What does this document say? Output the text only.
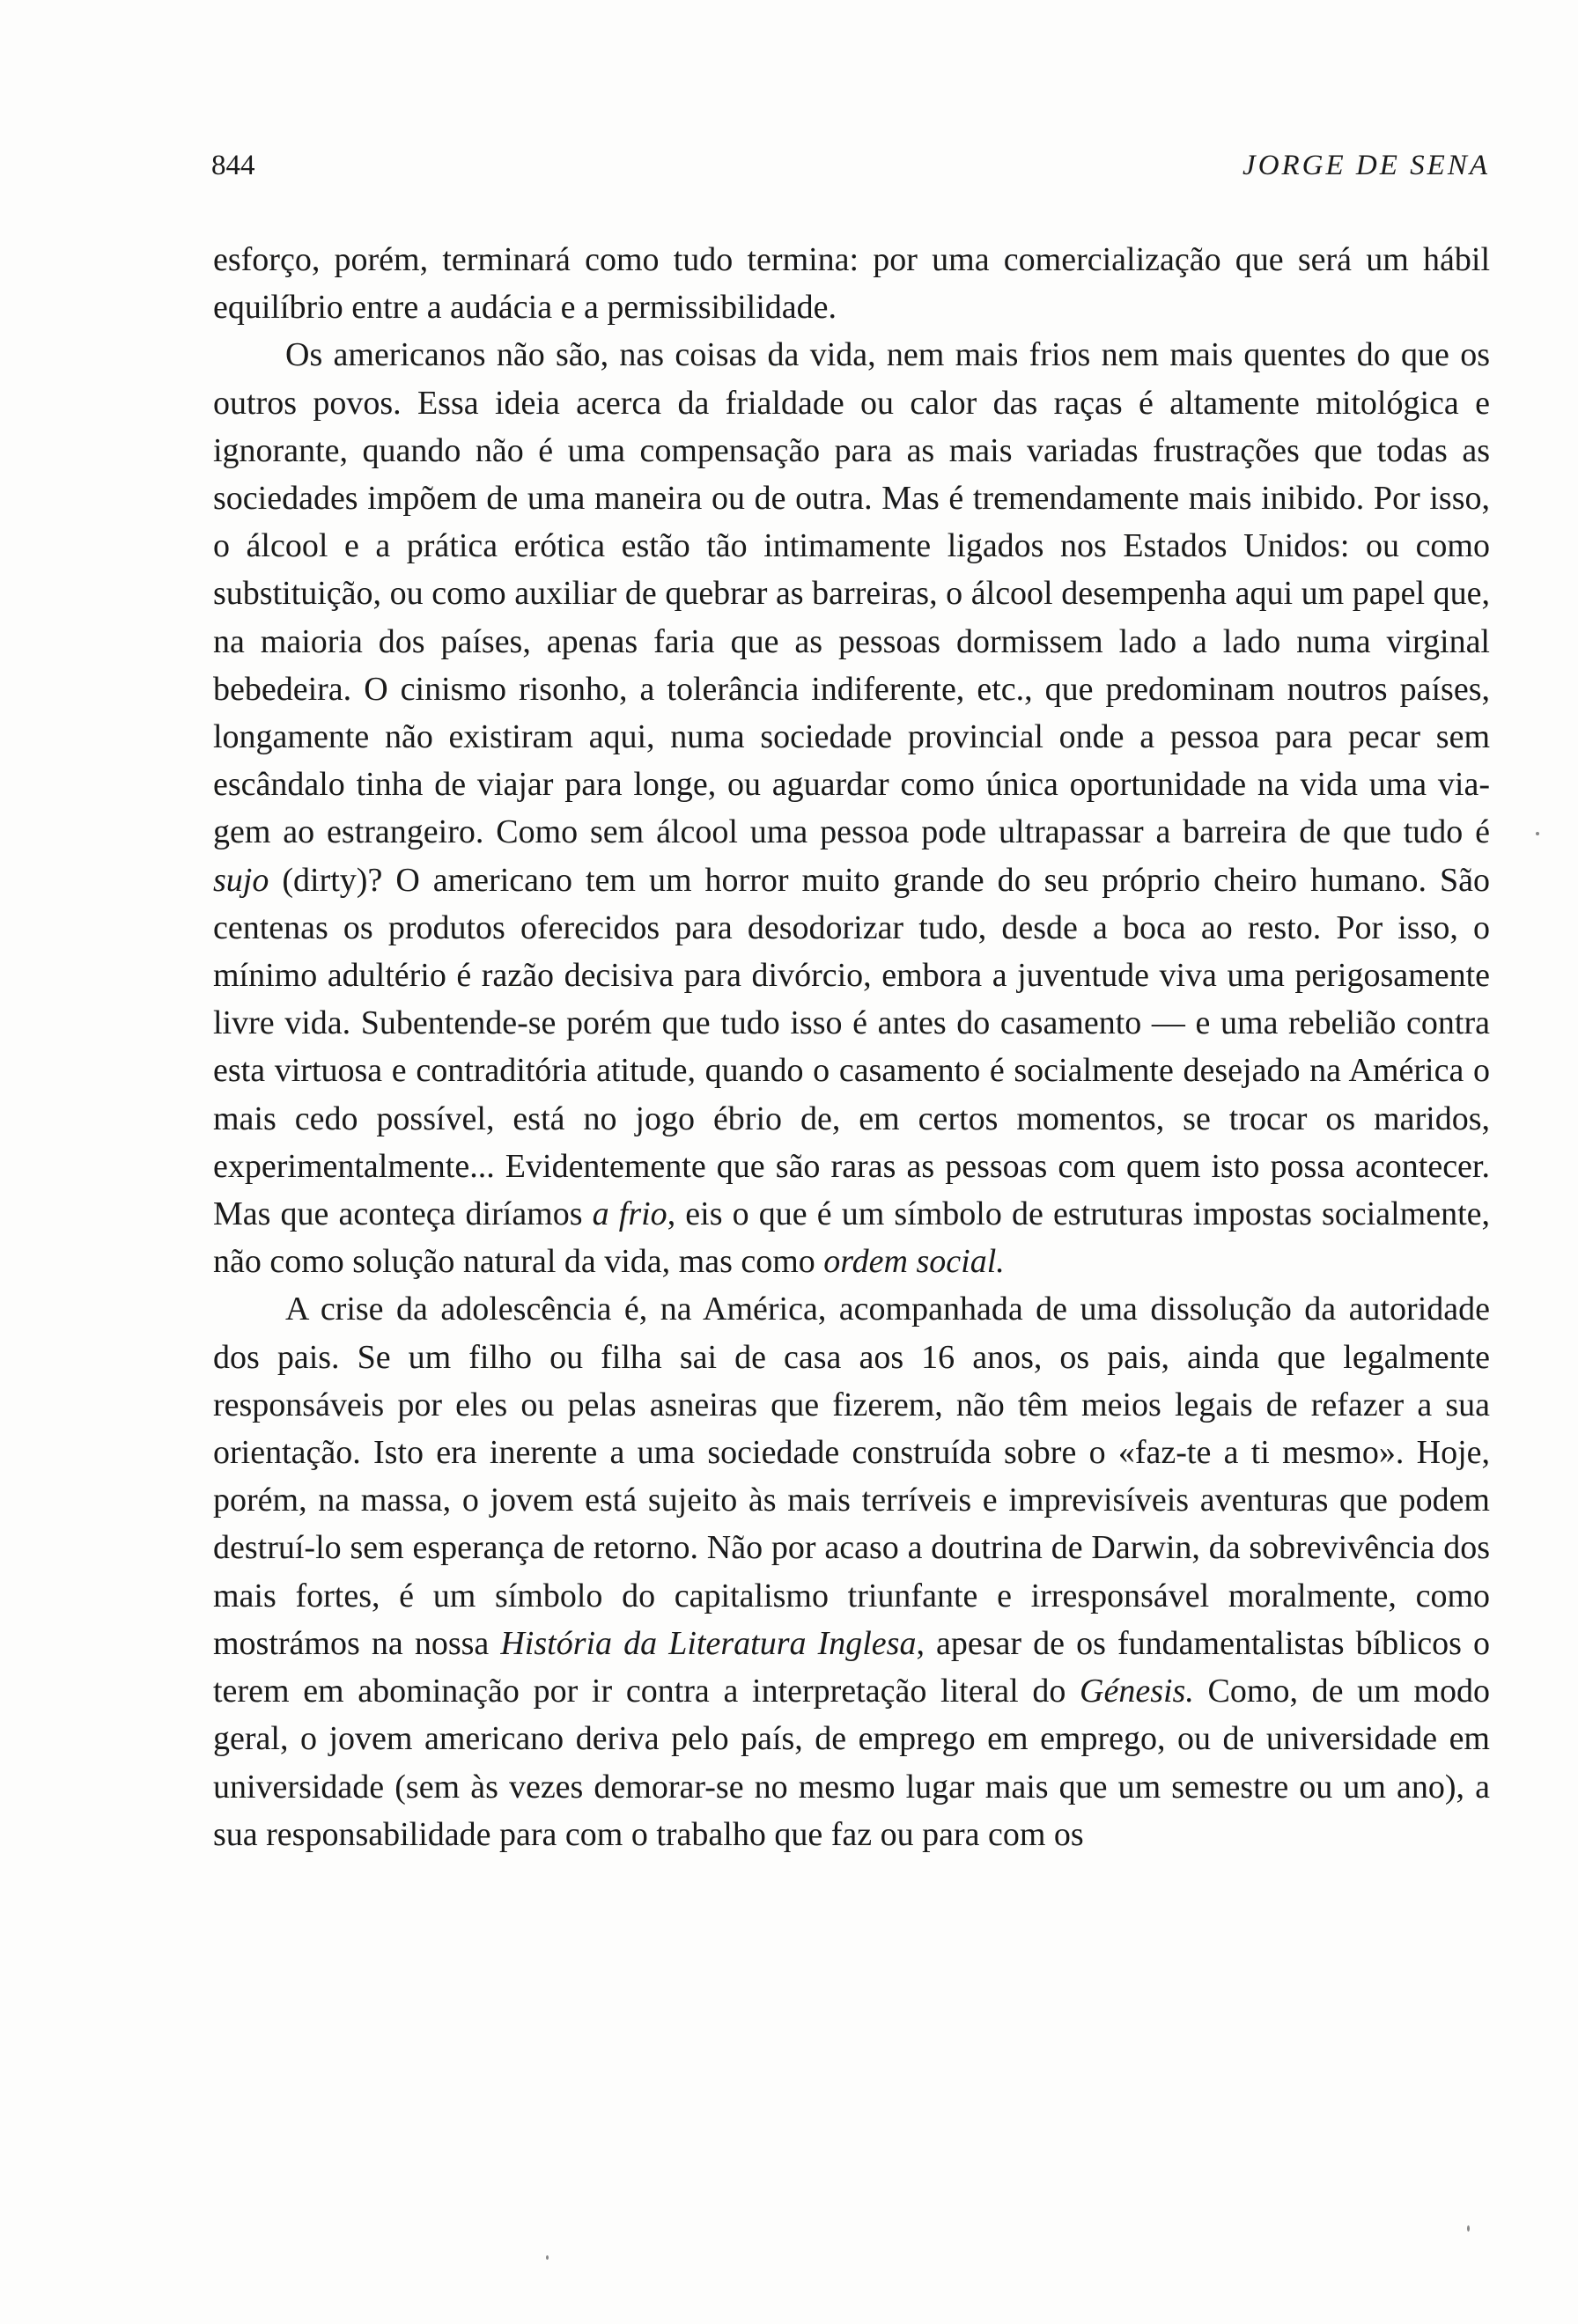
844	JORGE DE SENA

esforço, porém, terminará como tudo termina: por uma comercialização que será um hábil equilíbrio entre a audácia e a permissibilidade.

Os americanos não são, nas coisas da vida, nem mais frios nem mais quentes do que os outros povos. Essa ideia acerca da frialdade ou calor das raças é altamente mitológica e ignorante, quando não é uma compensação para as mais variadas frustrações que todas as sociedades impõem de uma maneira ou de outra. Mas é tremendamente mais inibido. Por isso, o álcool e a prática erótica estão tão intimamente ligados nos Estados Unidos: ou como substituição, ou como auxiliar de quebrar as barreiras, o álcool desempenha aqui um papel que, na maioria dos países, apenas faria que as pessoas dormissem lado a lado numa virginal bebedeira. O cinismo risonho, a tolerância indiferente, etc., que predominam noutros países, longamente não existiram aqui, numa sociedade provincial onde a pessoa para pecar sem escândalo tinha de viajar para longe, ou aguardar como única oportunidade na vida uma viagem ao estrangeiro. Como sem álcool uma pessoa pode ultrapassar a barreira de que tudo é sujo (dirty)? O americano tem um horror muito grande do seu próprio cheiro humano. São centenas os produtos oferecidos para desodorizar tudo, desde a boca ao resto. Por isso, o mínimo adultério é razão decisiva para divórcio, embora a juventude viva uma perigosamente livre vida. Subentende-se porém que tudo isso é antes do casamento — e uma rebelião contra esta virtuosa e contraditória atitude, quando o casamento é socialmente desejado na América o mais cedo possível, está no jogo ébrio de, em certos momentos, se trocar os maridos, experimentalmente... Evidentemente que são raras as pessoas com quem isto possa acontecer. Mas que aconteça diríamos a frio, eis o que é um símbolo de estruturas impostas socialmente, não como solução natural da vida, mas como ordem social.

A crise da adolescência é, na América, acompanhada de uma dissolução da autoridade dos pais. Se um filho ou filha sai de casa aos 16 anos, os pais, ainda que legalmente responsáveis por eles ou pelas asneiras que fizerem, não têm meios legais de refazer a sua orientação. Isto era inerente a uma sociedade construída sobre o «faz-te a ti mesmo». Hoje, porém, na massa, o jovem está sujeito às mais terríveis e imprevisíveis aventuras que podem destruí-lo sem esperança de retorno. Não por acaso a doutrina de Darwin, da sobrevivência dos mais fortes, é um símbolo do capitalismo triunfante e irresponsável moralmente, como mostrámos na nossa História da Literatura Inglesa, apesar de os fundamentalistas bíblicos o terem em abominação por ir contra a interpretação literal do Génesis. Como, de um modo geral, o jovem americano deriva pelo país, de emprego em emprego, ou de universidade em universidade (sem às vezes demorar-se no mesmo lugar mais que um semestre ou um ano), a sua responsabilidade para com o trabalho que faz ou para com os
